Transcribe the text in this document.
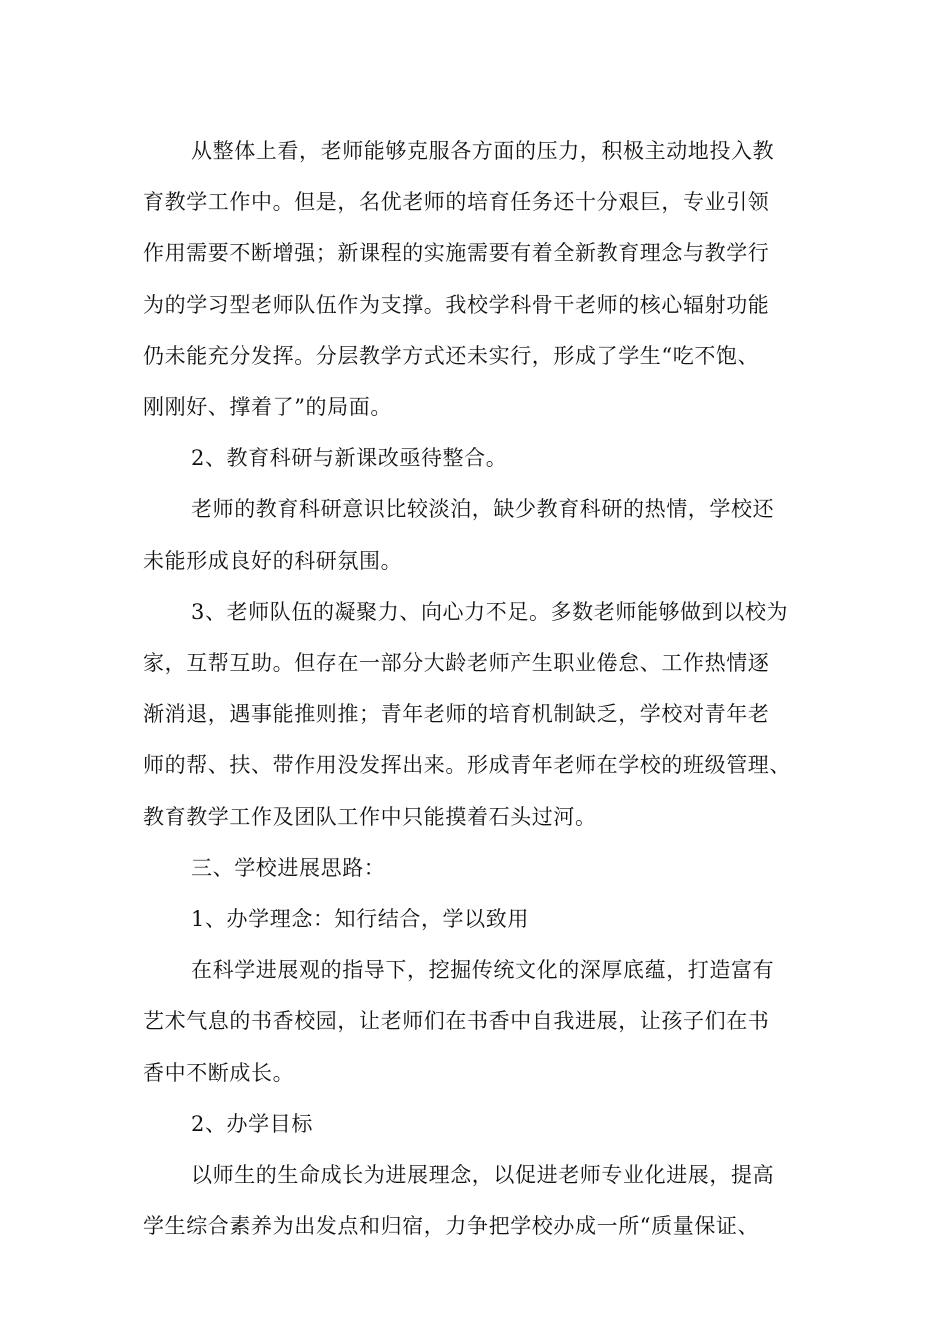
从整体上看，老师能够克服各方面的压力，积极主动地投入教
育教学工作中。但是，名优老师的培育任务还十分艰巨，专业引领
作用需要不断增强；新课程的实施需要有着全新教育理念与教学行
为的学习型老师队伍作为支撑。我校学科骨干老师的核心辐射功能
仍未能充分发挥。分层教学方式还未实行，形成了学生“吃不饱、
刚刚好、撑着了”的局面。

2、教育科研与新课改亟待整合。

老师的教育科研意识比较淡泊，缺少教育科研的热情，学校还
未能形成良好的科研氛围。

3、老师队伍的凝聚力、向心力不足。多数老师能够做到以校为
家，互帮互助。但存在一部分大龄老师产生职业倦怠、工作热情逐
渐消退，遇事能推则推；青年老师的培育机制缺乏，学校对青年老
师的帮、扶、带作用没发挥出来。形成青年老师在学校的班级管理、
教育教学工作及团队工作中只能摸着石头过河。

三、学校进展思路：

1、办学理念：知行结合，学以致用

在科学进展观的指导下，挖掘传统文化的深厚底蕴，打造富有
艺术气息的书香校园，让老师们在书香中自我进展，让孩子们在书
香中不断成长。

2、办学目标

以师生的生命成长为进展理念，以促进老师专业化进展，提高
学生综合素养为出发点和归宿，力争把学校办成一所“质量保证、
